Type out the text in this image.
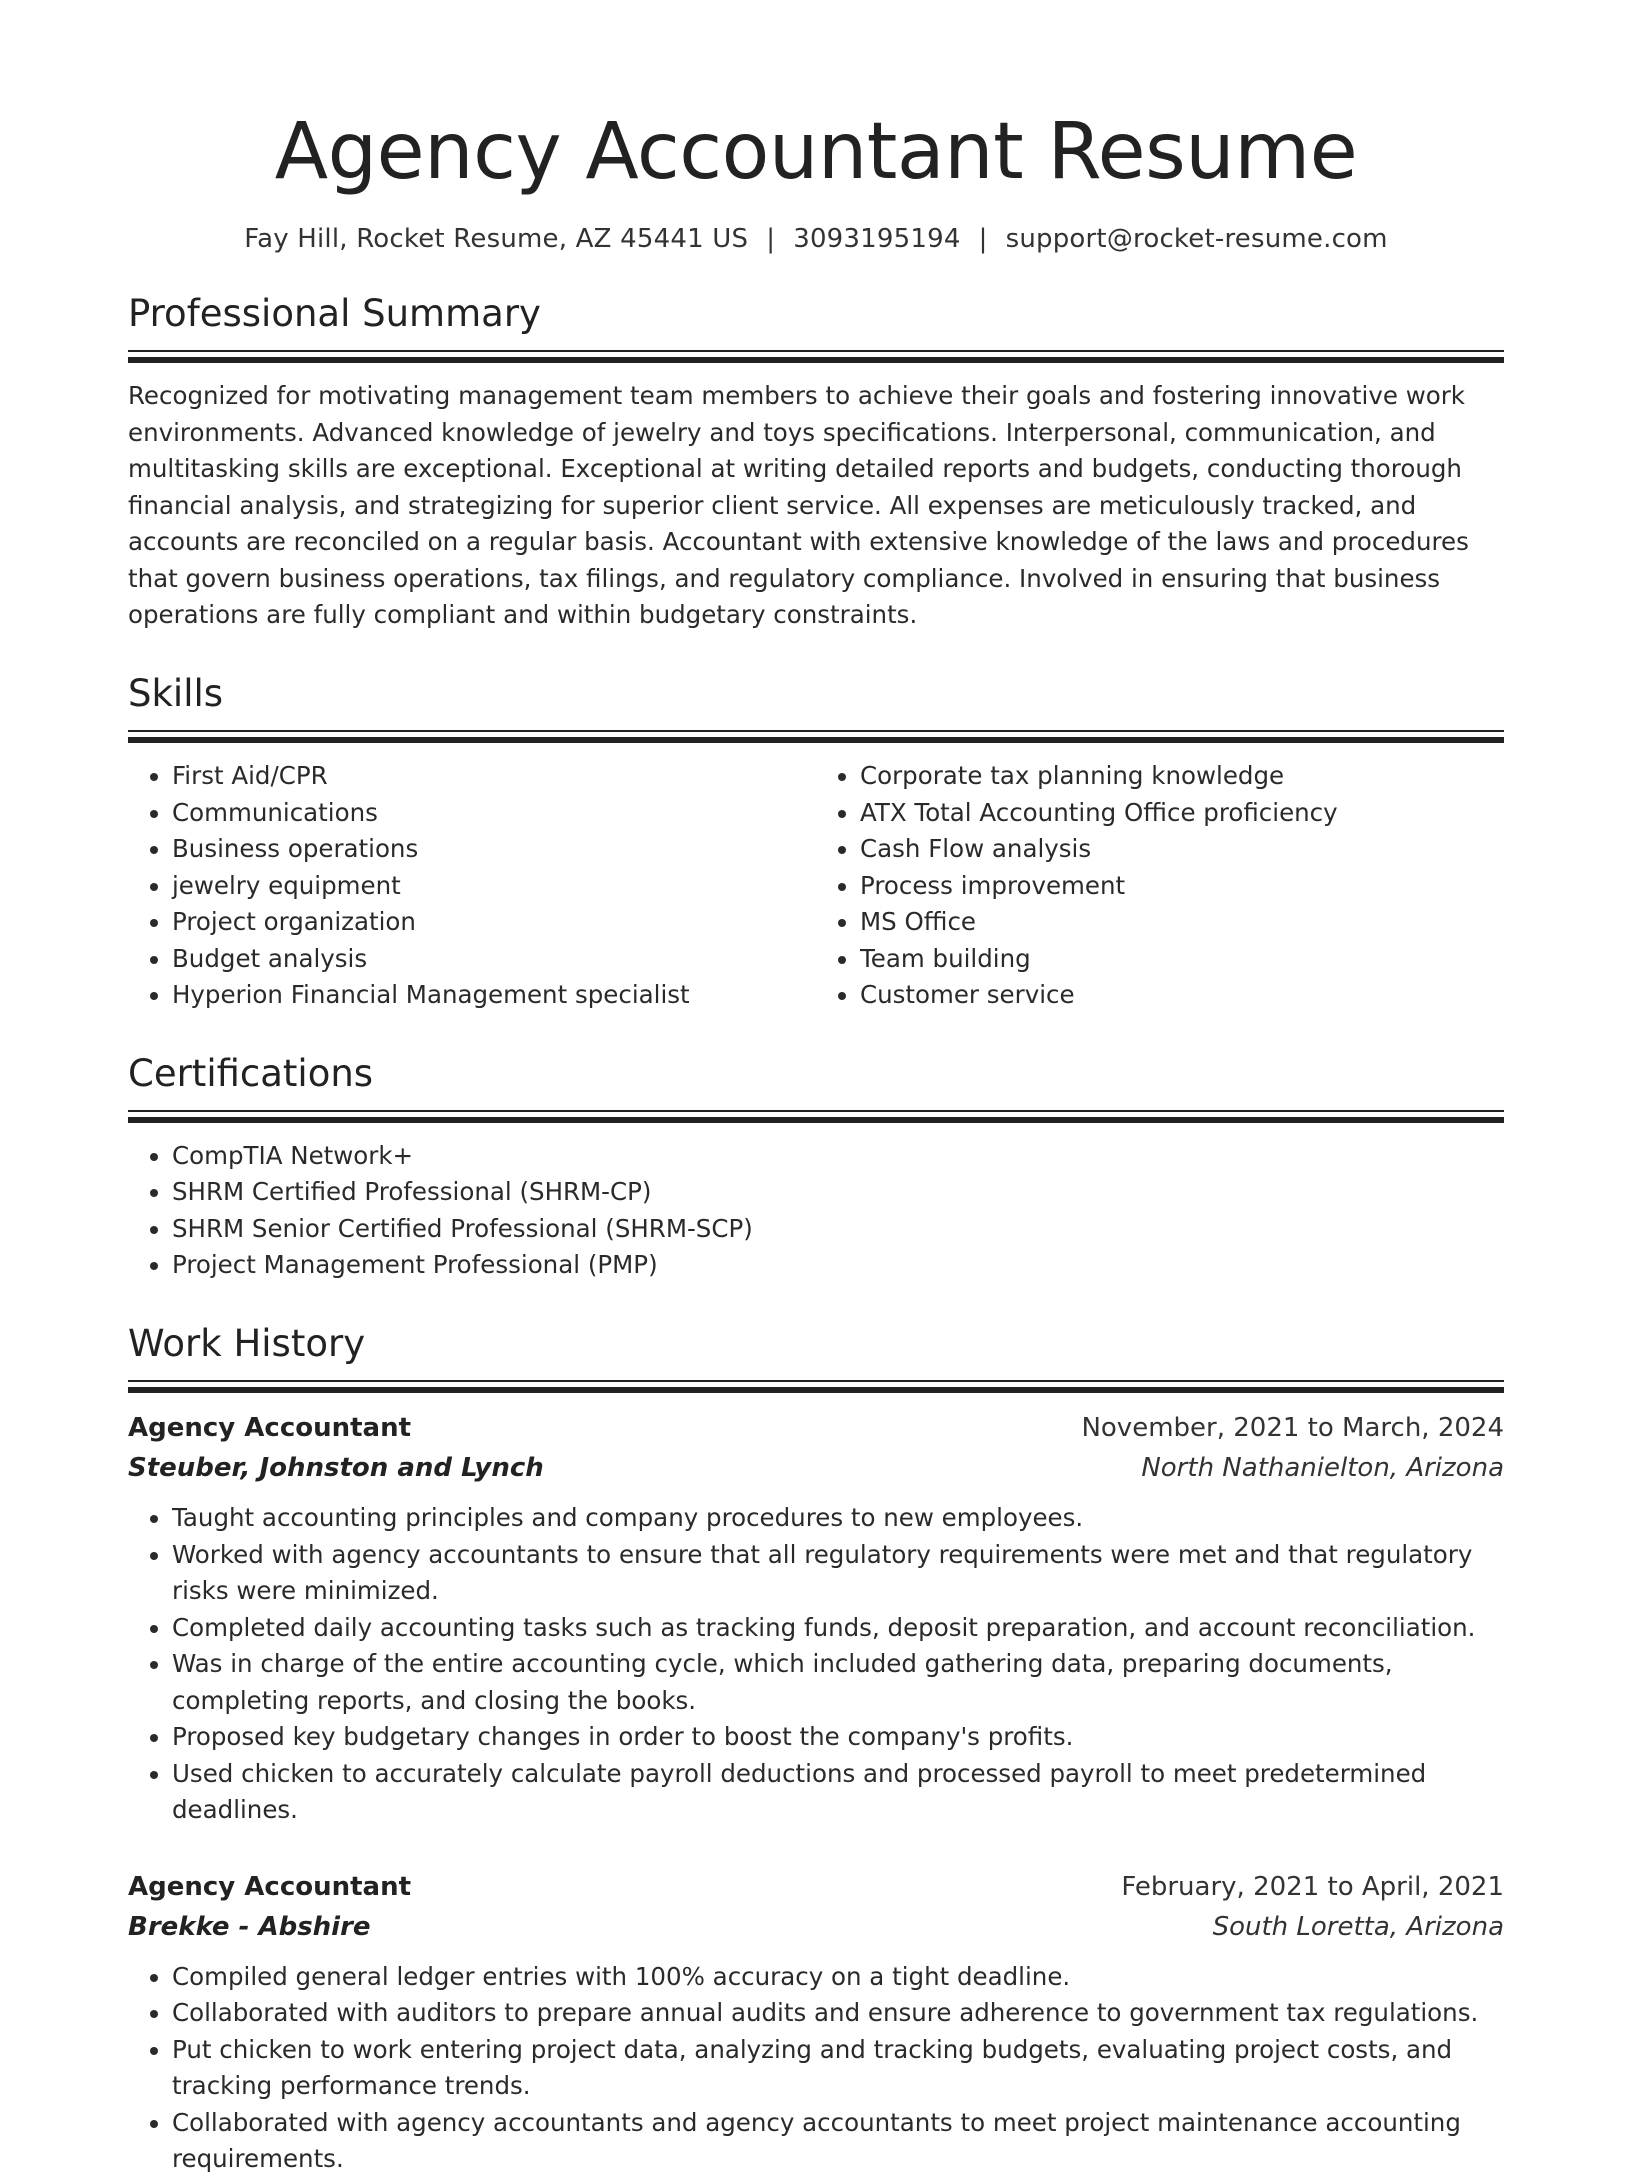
Agency Accountant Resume
Fay Hill, Rocket Resume, AZ 45441 US | 3093195194 | support@rocket-resume.com
Professional Summary
Recognized for motivating management team members to achieve their goals and fostering innovative work environments. Advanced knowledge of jewelry and toys specifications. Interpersonal, communication, and multitasking skills are exceptional. Exceptional at writing detailed reports and budgets, conducting thorough financial analysis, and strategizing for superior client service. All expenses are meticulously tracked, and accounts are reconciled on a regular basis. Accountant with extensive knowledge of the laws and procedures that govern business operations, tax filings, and regulatory compliance. Involved in ensuring that business operations are fully compliant and within budgetary constraints.
Skills
• First Aid/CPR
• Communications
• Business operations
• jewelry equipment
• Project organization
• Budget analysis
• Hyperion Financial Management specialist
• Corporate tax planning knowledge
• ATX Total Accounting Office proficiency
• Cash Flow analysis
• Process improvement
• MS Office
• Team building
• Customer service
Certifications
• CompTIA Network+
• SHRM Certified Professional (SHRM-CP)
• SHRM Senior Certified Professional (SHRM-SCP)
• Project Management Professional (PMP)
Work History
Agency Accountant	November, 2021 to March, 2024
Steuber, Johnston and Lynch	North Nathanielton, Arizona
• Taught accounting principles and company procedures to new employees.
• Worked with agency accountants to ensure that all regulatory requirements were met and that regulatory risks were minimized.
• Completed daily accounting tasks such as tracking funds, deposit preparation, and account reconciliation.
• Was in charge of the entire accounting cycle, which included gathering data, preparing documents, completing reports, and closing the books.
• Proposed key budgetary changes in order to boost the company's profits.
• Used chicken to accurately calculate payroll deductions and processed payroll to meet predetermined deadlines.
Agency Accountant	February, 2021 to April, 2021
Brekke - Abshire	South Loretta, Arizona
• Compiled general ledger entries with 100% accuracy on a tight deadline.
• Collaborated with auditors to prepare annual audits and ensure adherence to government tax regulations.
• Put chicken to work entering project data, analyzing and tracking budgets, evaluating project costs, and tracking performance trends.
• Collaborated with agency accountants and agency accountants to meet project maintenance accounting requirements.
